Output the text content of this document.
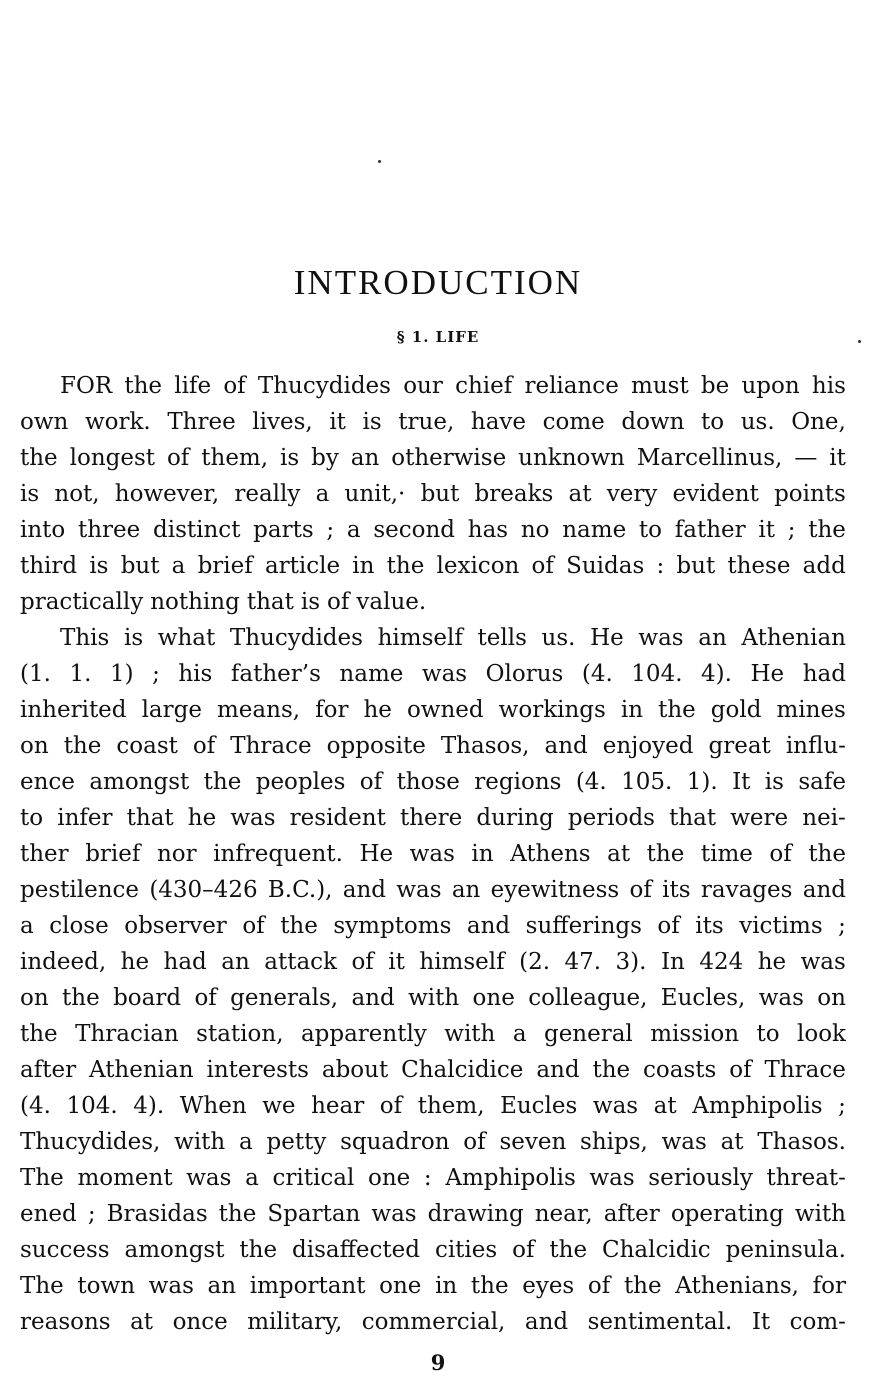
INTRODUCTION
§ 1. LIFE
FOR the life of Thucydides our chief reliance must be upon his
own work. Three lives, it is true, have come down to us. One,
the longest of them, is by an otherwise unknown Marcellinus, — it
is not, however, really a unit,· but breaks at very evident points
into three distinct parts ; a second has no name to father it ; the
third is but a brief article in the lexicon of Suidas : but these add
practically nothing that is of value.
This is what Thucydides himself tells us. He was an Athenian
(1. 1. 1) ; his father’s name was Olorus (4. 104. 4). He had
inherited large means, for he owned workings in the gold mines
on the coast of Thrace opposite Thasos, and enjoyed great influ-
ence amongst the peoples of those regions (4. 105. 1). It is safe
to infer that he was resident there during periods that were nei-
ther brief nor infrequent. He was in Athens at the time of the
pestilence (430–426 B.C.), and was an eyewitness of its ravages and
a close observer of the symptoms and sufferings of its victims ;
indeed, he had an attack of it himself (2. 47. 3). In 424 he was
on the board of generals, and with one colleague, Eucles, was on
the Thracian station, apparently with a general mission to look
after Athenian interests about Chalcidice and the coasts of Thrace
(4. 104. 4). When we hear of them, Eucles was at Amphipolis ;
Thucydides, with a petty squadron of seven ships, was at Thasos.
The moment was a critical one : Amphipolis was seriously threat-
ened ; Brasidas the Spartan was drawing near, after operating with
success amongst the disaffected cities of the Chalcidic peninsula.
The town was an important one in the eyes of the Athenians, for
reasons at once military, commercial, and sentimental. It com-
9
